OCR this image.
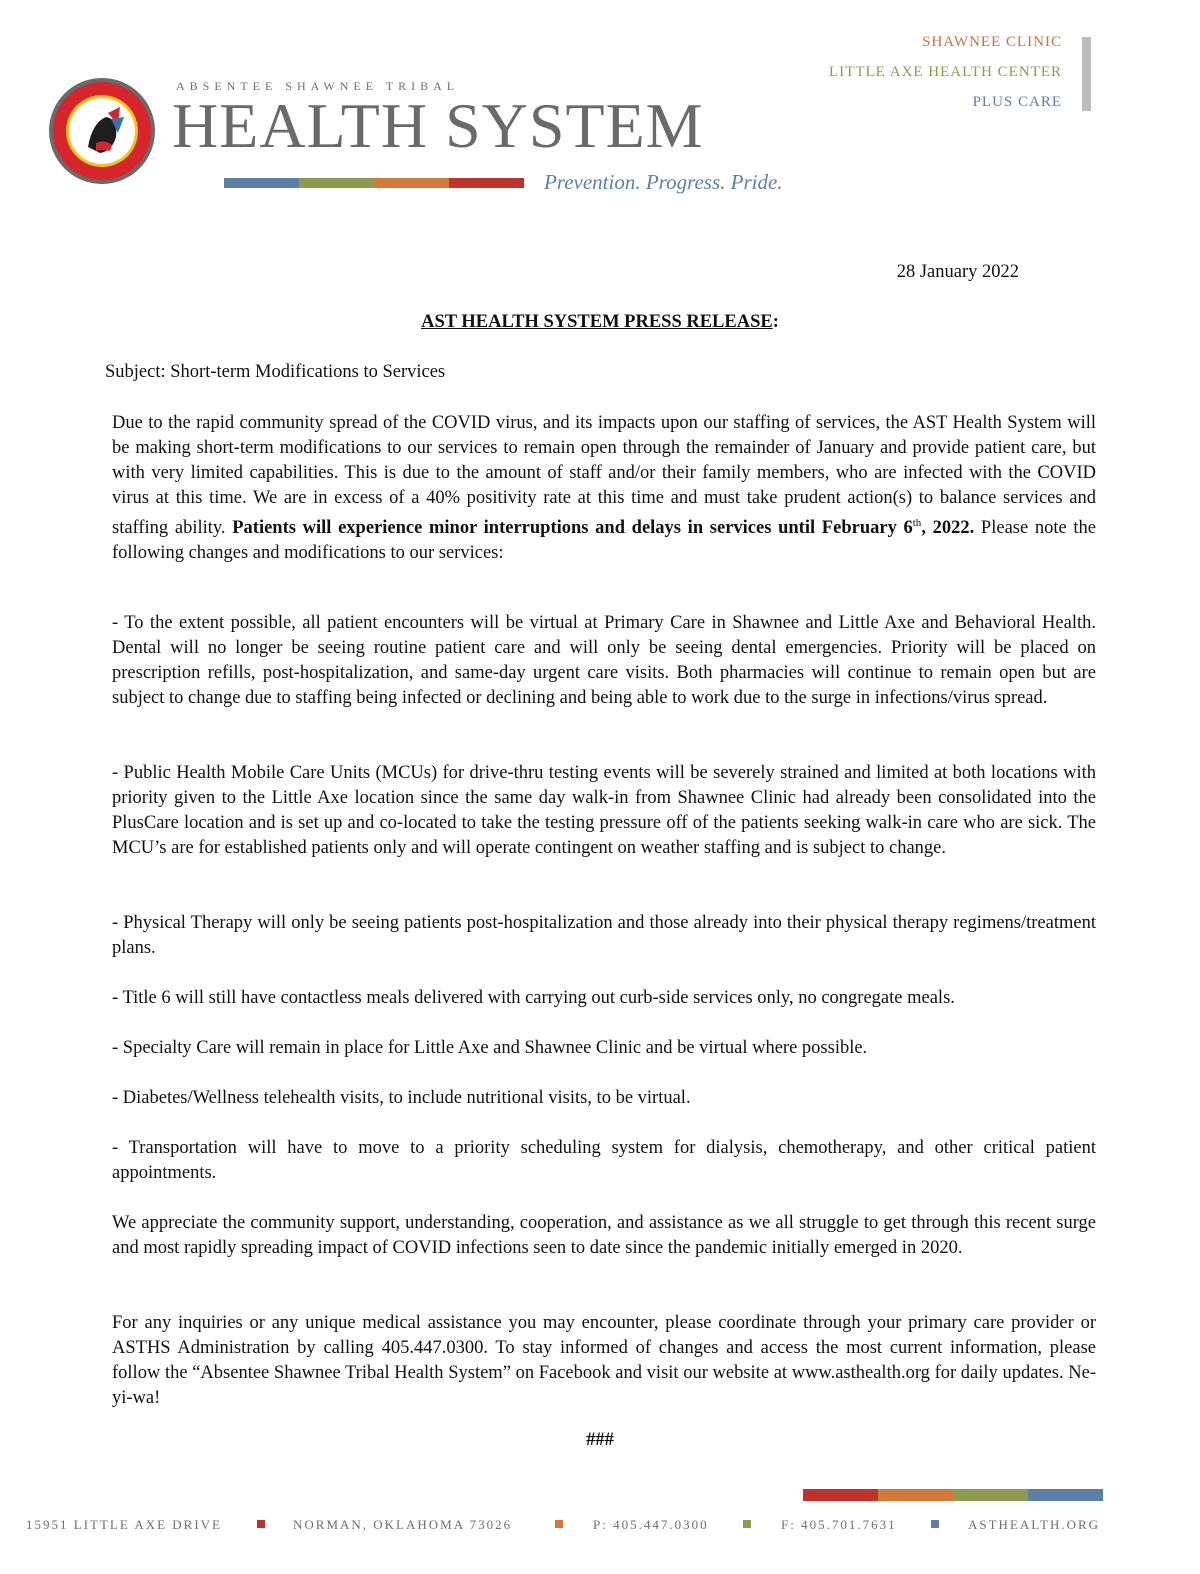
ABSENTEE SHAWNEE TRIBAL
HEALTH SYSTEM
Prevention. Progress. Pride.
SHAWNEE CLINIC
LITTLE AXE HEALTH CENTER
PLUS CARE
28 January 2022
AST HEALTH SYSTEM PRESS RELEASE:
Subject: Short-term Modifications to Services

Due to the rapid community spread of the COVID virus, and its impacts upon our staffing of services, the AST Health System will be making short-term modifications to our services to remain open through the remainder of January and provide patient care, but with very limited capabilities. This is due to the amount of staff and/or their family members, who are infected with the COVID virus at this time. We are in excess of a 40% positivity rate at this time and must take prudent action(s) to balance services and staffing ability. Patients will experience minor interruptions and delays in services until February 6th, 2022. Please note the following changes and modifications to our services:

- To the extent possible, all patient encounters will be virtual at Primary Care in Shawnee and Little Axe and Behavioral Health. Dental will no longer be seeing routine patient care and will only be seeing dental emergencies. Priority will be placed on prescription refills, post-hospitalization, and same-day urgent care visits. Both pharmacies will continue to remain open but are subject to change due to staffing being infected or declining and being able to work due to the surge in infections/virus spread.

- Public Health Mobile Care Units (MCUs) for drive-thru testing events will be severely strained and limited at both locations with priority given to the Little Axe location since the same day walk-in from Shawnee Clinic had already been consolidated into the PlusCare location and is set up and co-located to take the testing pressure off of the patients seeking walk-in care who are sick. The MCU’s are for established patients only and will operate contingent on weather staffing and is subject to change.

- Physical Therapy will only be seeing patients post-hospitalization and those already into their physical therapy regimens/treatment plans.

- Title 6 will still have contactless meals delivered with carrying out curb-side services only, no congregate meals.

- Specialty Care will remain in place for Little Axe and Shawnee Clinic and be virtual where possible.

- Diabetes/Wellness telehealth visits, to include nutritional visits, to be virtual.

- Transportation will have to move to a priority scheduling system for dialysis, chemotherapy, and other critical patient appointments.

We appreciate the community support, understanding, cooperation, and assistance as we all struggle to get through this recent surge and most rapidly spreading impact of COVID infections seen to date since the pandemic initially emerged in 2020.

For any inquiries or any unique medical assistance you may encounter, please coordinate through your primary care provider or ASTHS Administration by calling 405.447.0300. To stay informed of changes and access the most current information, please follow the “Absentee Shawnee Tribal Health System” on Facebook and visit our website at www.asthealth.org for daily updates. Ne-yi-wa!

###
15951 LITTLE AXE DRIVE	NORMAN, OKLAHOMA 73026	P: 405.447.0300	F: 405.701.7631	ASTHEALTH.ORG
